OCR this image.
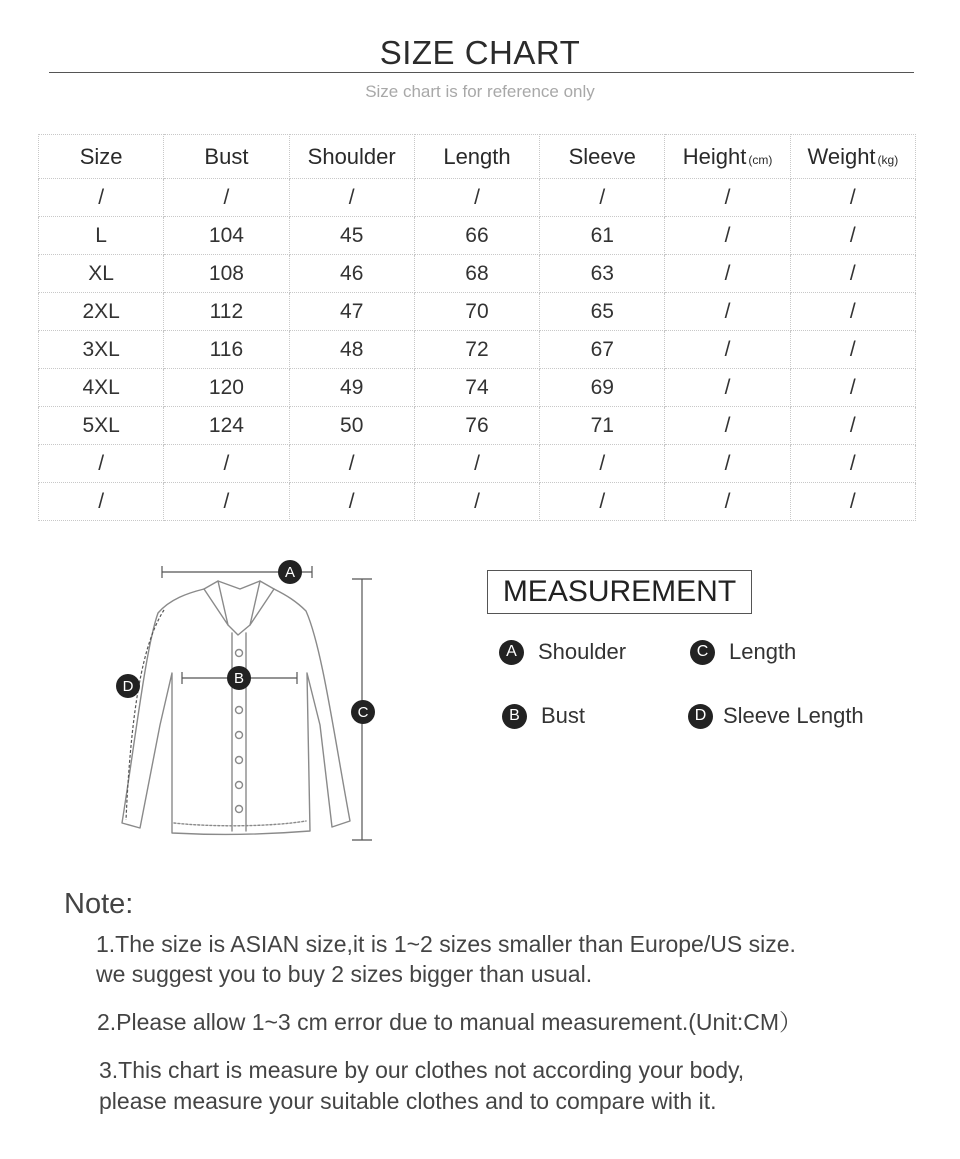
SIZE CHART
Size chart is for reference only
Size	Bust	Shoulder	Length	Sleeve	Height (cm)	Weight (kg)
/	/	/	/	/	/	/
L	104	45	66	61	/	/
XL	108	46	68	63	/	/
2XL	112	47	70	65	/	/
3XL	116	48	72	67	/	/
4XL	120	49	74	69	/	/
5XL	124	50	76	71	/	/
/	/	/	/	/	/	/
/	/	/	/	/	/	/
A
B
C
D
MEASUREMENT
A Shoulder	C Length
B Bust	D Sleeve Length
Note:
1.The size is ASIAN size,it is 1~2 sizes smaller than Europe/US size.
we suggest you to buy 2 sizes bigger than usual.
2.Please allow 1~3 cm error due to manual measurement.(Unit:CM）
3.This chart is measure by our clothes not according your body,
please measure your suitable clothes and to compare with it.
